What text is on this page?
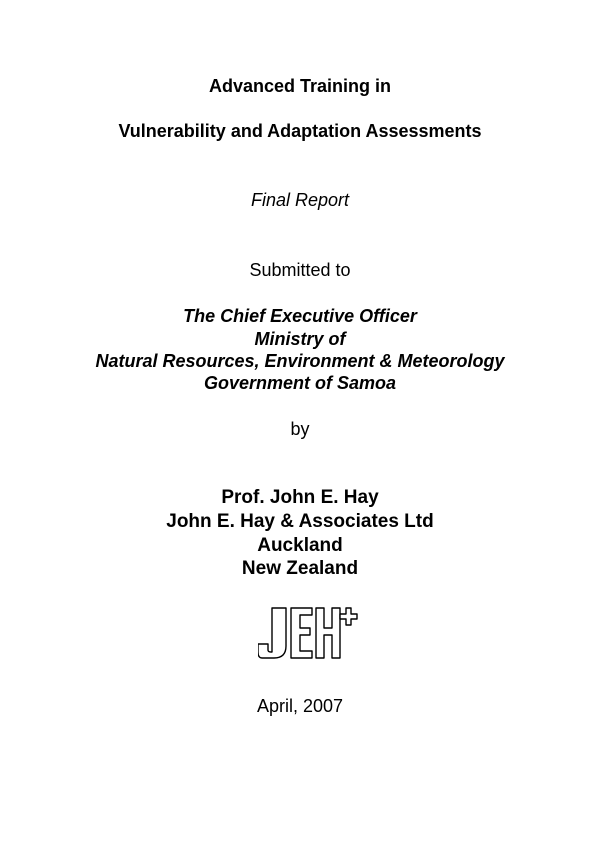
Advanced Training in
Vulnerability and Adaptation Assessments
Final Report
Submitted to
The Chief Executive Officer
Ministry of
Natural Resources, Environment & Meteorology
Government of Samoa
by
Prof. John E. Hay
John E. Hay & Associates Ltd
Auckland
New Zealand
April, 2007
